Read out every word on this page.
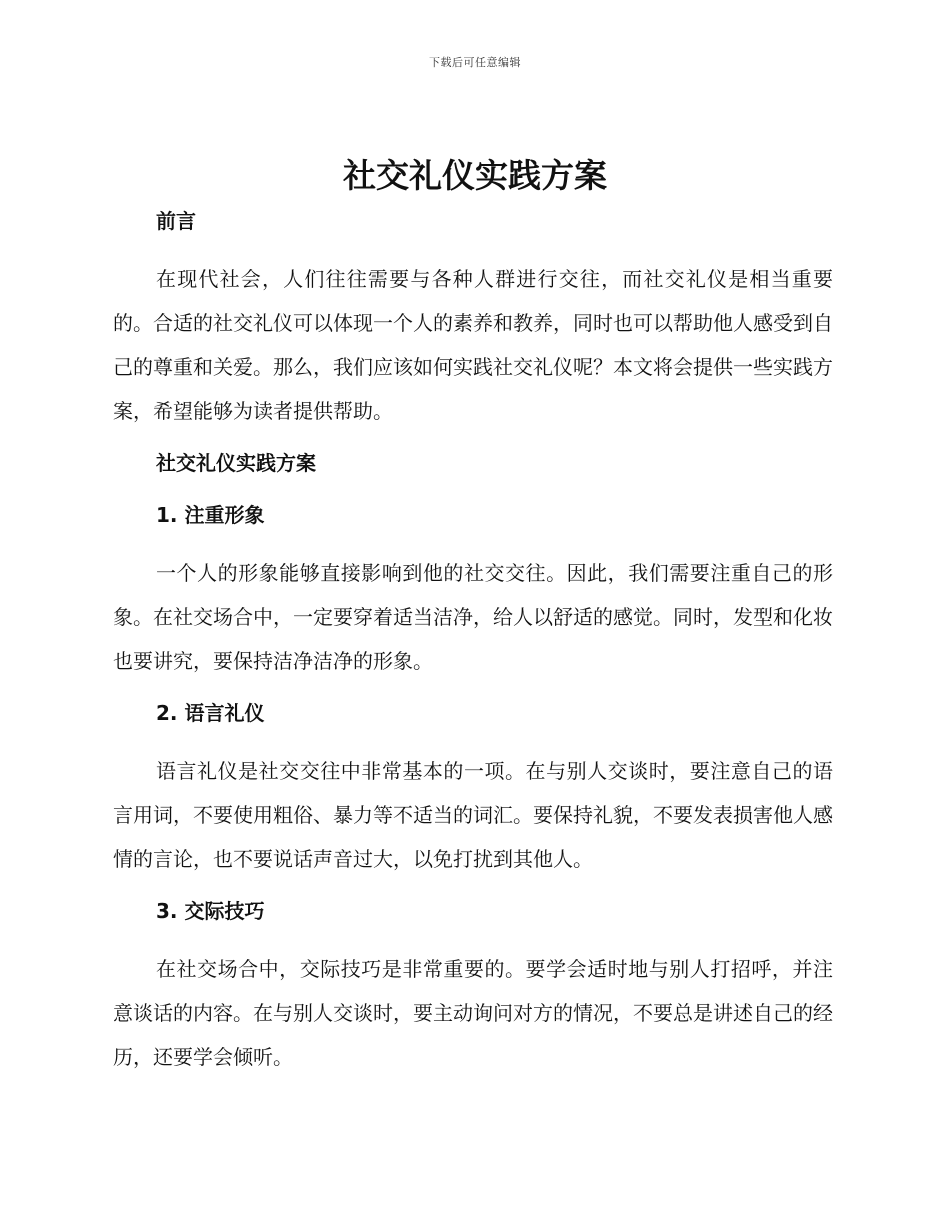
下载后可任意编辑
社交礼仪实践方案
前言

在现代社会，人们往往需要与各种人群进行交往，而社交礼仪是相当重要的。合适的社交礼仪可以体现一个人的素养和教养，同时也可以帮助他人感受到自己的尊重和关爱。那么，我们应该如何实践社交礼仪呢？本文将会提供一些实践方案，希望能够为读者提供帮助。

社交礼仪实践方案
1. 注重形象

一个人的形象能够直接影响到他的社交交往。因此，我们需要注重自己的形象。在社交场合中，一定要穿着适当洁净，给人以舒适的感觉。同时，发型和化妆也要讲究，要保持洁净洁净的形象。

2. 语言礼仪

语言礼仪是社交交往中非常基本的一项。在与别人交谈时，要注意自己的语言用词，不要使用粗俗、暴力等不适当的词汇。要保持礼貌，不要发表损害他人感情的言论，也不要说话声音过大，以免打扰到其他人。

3. 交际技巧

在社交场合中，交际技巧是非常重要的。要学会适时地与别人打招呼，并注意谈话的内容。在与别人交谈时，要主动询问对方的情况，不要总是讲述自己的经历，还要学会倾听。
